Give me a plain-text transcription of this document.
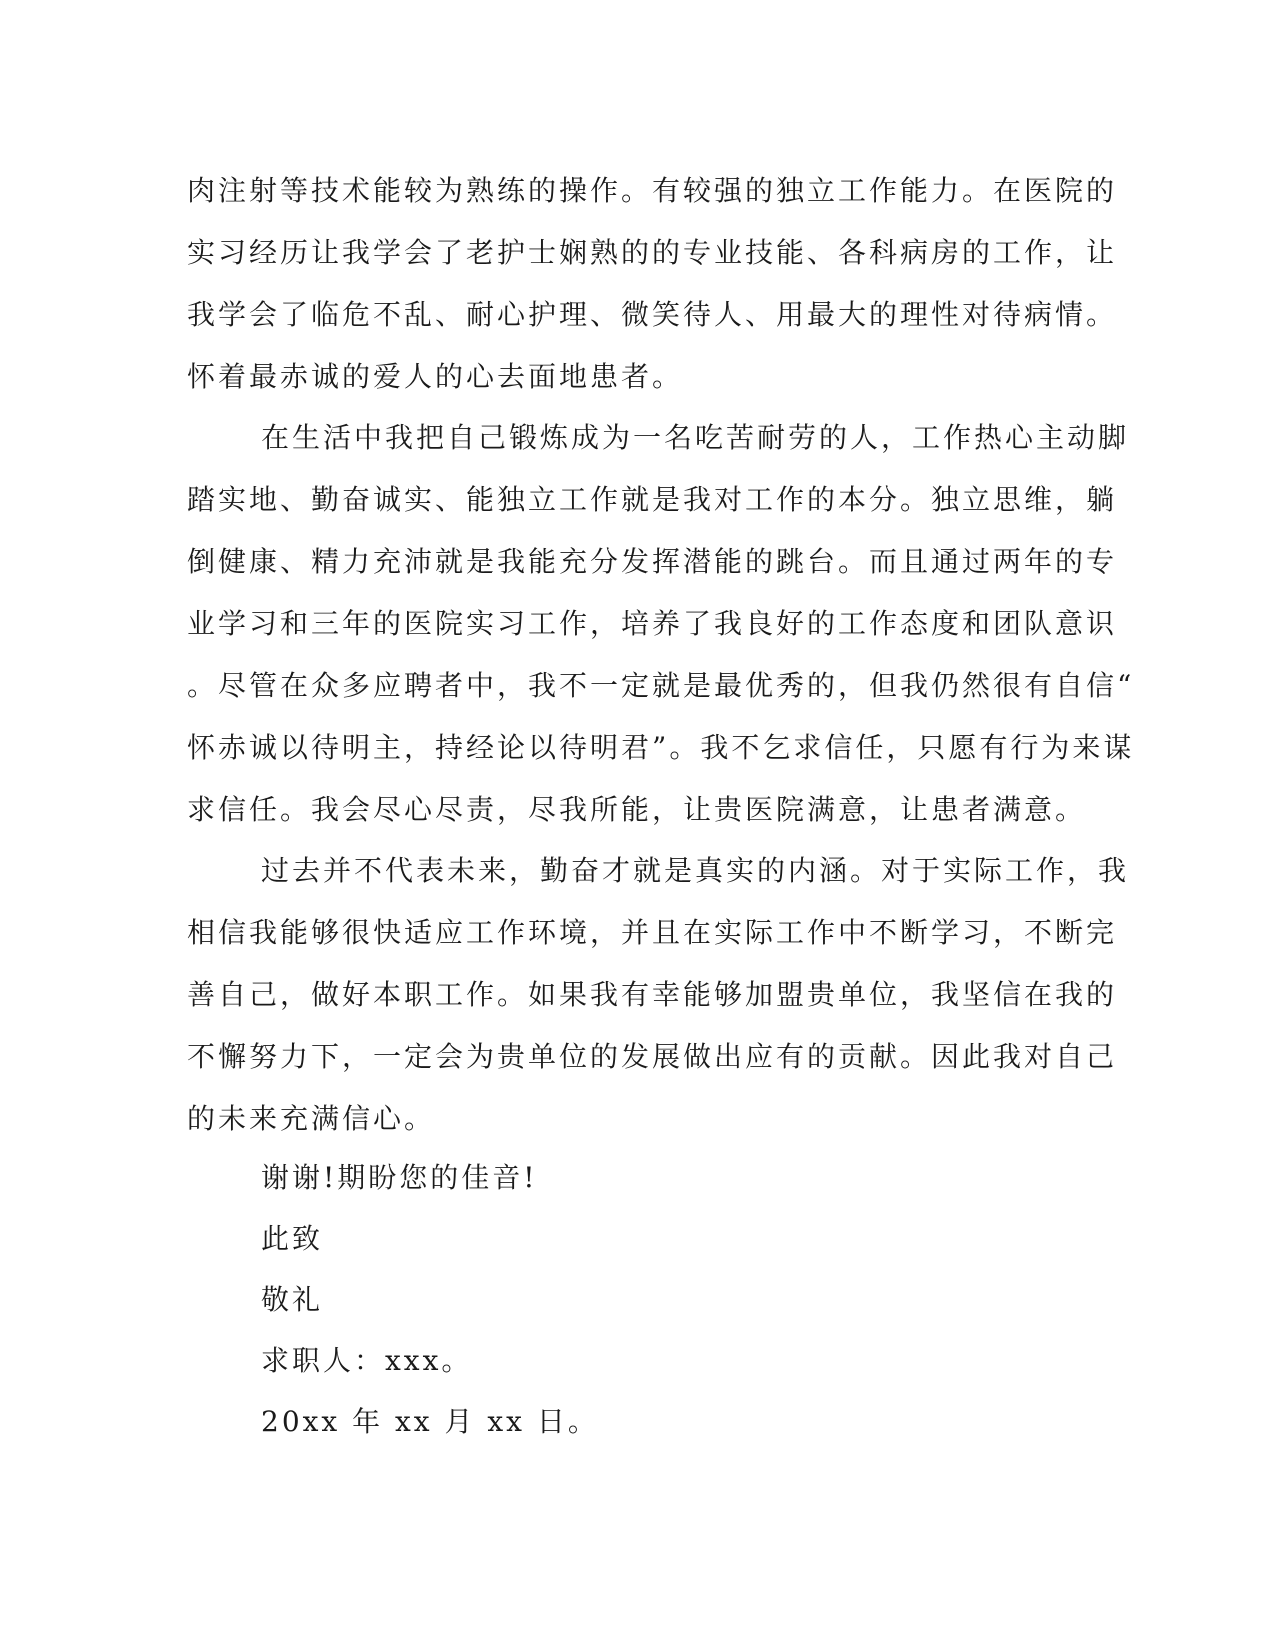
肉注射等技术能较为熟练的操作。有较强的独立工作能力。在医院的
实习经历让我学会了老护士娴熟的的专业技能、各科病房的工作，让
我学会了临危不乱、耐心护理、微笑待人、用最大的理性对待病情。
怀着最赤诚的爱人的心去面地患者。
在生活中我把自己锻炼成为一名吃苦耐劳的人，工作热心主动脚
踏实地、勤奋诚实、能独立工作就是我对工作的本分。独立思维，躺
倒健康、精力充沛就是我能充分发挥潜能的跳台。而且通过两年的专
业学习和三年的医院实习工作，培养了我良好的工作态度和团队意识
。尽管在众多应聘者中，我不一定就是最优秀的，但我仍然很有自信“
怀赤诚以待明主，持经论以待明君”。我不乞求信任，只愿有行为来谋
求信任。我会尽心尽责，尽我所能，让贵医院满意，让患者满意。
过去并不代表未来，勤奋才就是真实的内涵。对于实际工作，我
相信我能够很快适应工作环境，并且在实际工作中不断学习，不断完
善自己，做好本职工作。如果我有幸能够加盟贵单位，我坚信在我的
不懈努力下，一定会为贵单位的发展做出应有的贡献。因此我对自己
的未来充满信心。
谢谢!期盼您的佳音!
此致
敬礼
求职人：xxx。
20xx 年 xx 月 xx 日。
